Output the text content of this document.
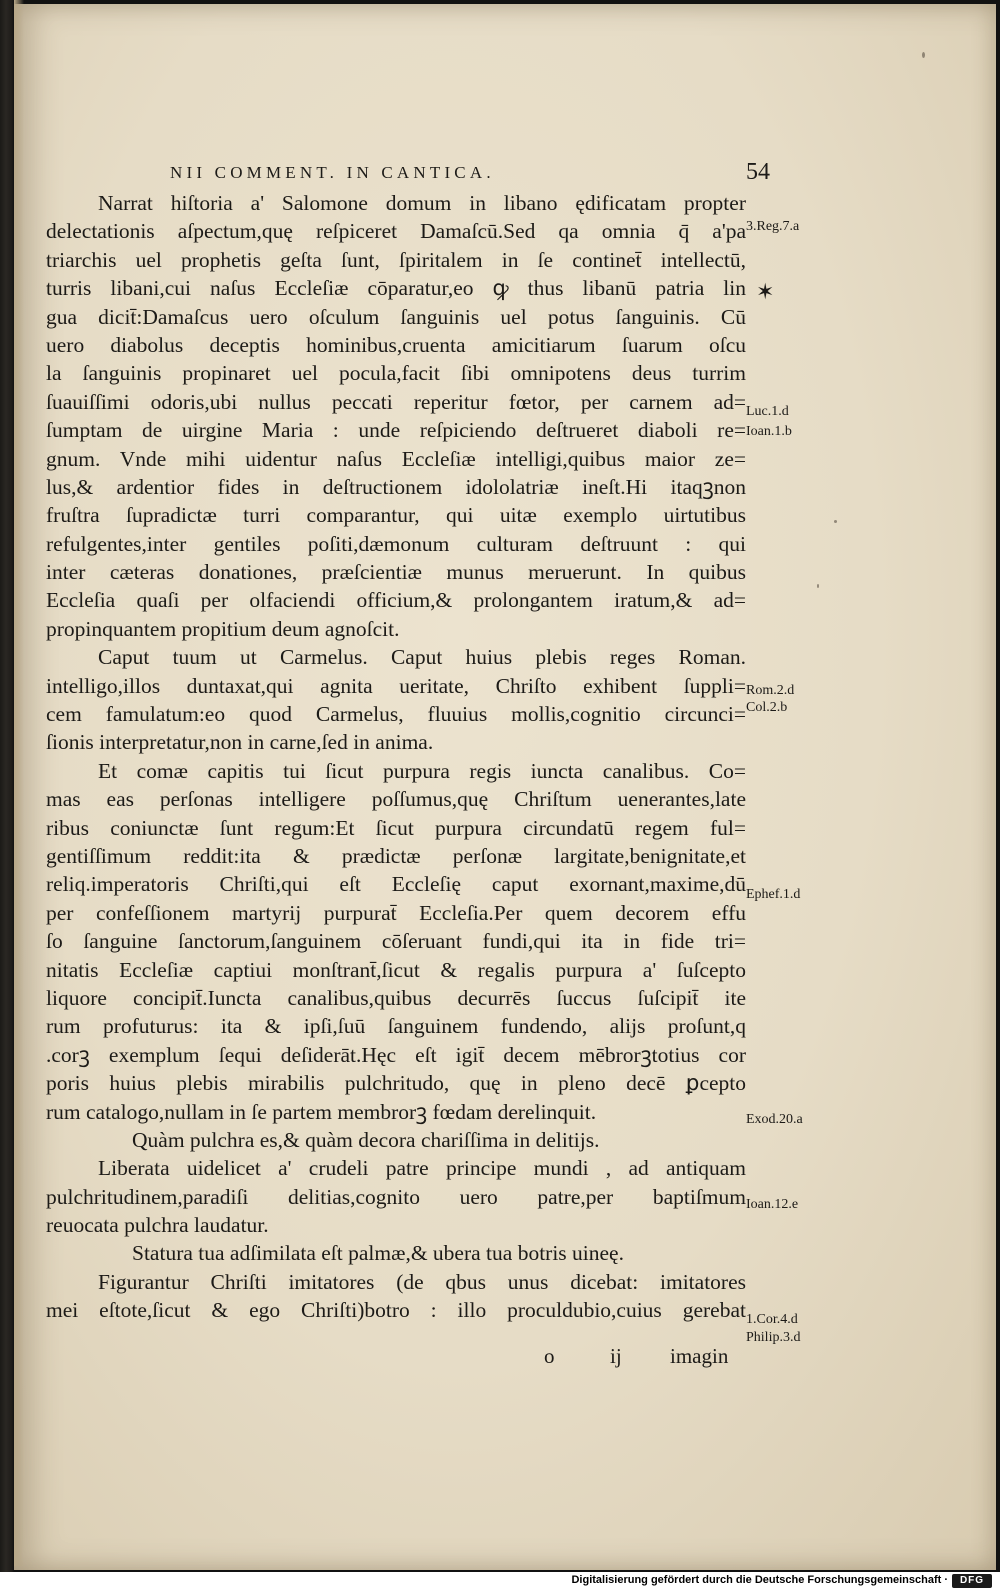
NII COMMENT. IN CANTICA.	54
Narrat hiſtoria a' Salomone domum in libano ędificatam propter
delectationis aſpectum,quę reſpiceret Damaſcū.Sed qa omnia q̄ a'pa
triarchis uel prophetis geſta ſunt, ſpiritalem in ſe continet̄ intellectū,
turris libani,cui naſus Eccleſiæ cōparatur,eo ꝙ thus libanū patria lin
gua dicit̄:Damaſcus uero oſculum ſanguinis uel potus ſanguinis. Cū
uero diabolus deceptis hominibus,cruenta amicitiarum ſuarum oſcu
la ſanguinis propinaret uel pocula,facit ſibi omnipotens deus turrim
ſuauiſſimi odoris,ubi nullus peccati reperitur fœtor, per carnem ad=
ſumptam de uirgine Maria : unde reſpiciendo deſtrueret diaboli re=
gnum. Vnde mihi uidentur naſus Eccleſiæ intelligi,quibus maior ze=
lus,& ardentior fides in deſtructionem idololatriæ ineſt.Hi itaqꝫnon
fruſtra ſupradictæ turri comparantur, qui uitæ exemplo uirtutibus
refulgentes,inter gentiles poſiti,dæmonum culturam deſtruunt : qui
inter cæteras donationes, præſcientiæ munus meruerunt. In quibus
Eccleſia quaſi per olfaciendi officium,& prolongantem iratum,& ad=
propinquantem propitium deum agnoſcit.
Caput tuum ut Carmelus. Caput huius plebis reges Roman.
intelligo,illos duntaxat,qui agnita ueritate, Chriſto exhibent ſuppli=
cem famulatum:eo quod Carmelus, fluuius mollis,cognitio circunci=
ſionis interpretatur,non in carne,ſed in anima.
Et comæ capitis tui ſicut purpura regis iuncta canalibus. Co=
mas eas perſonas intelligere poſſumus,quę Chriſtum uenerantes,late
ribus coniunctæ ſunt regum:Et ſicut purpura circundatū regem ful=
gentiſſimum reddit:ita & prædictæ perſonæ largitate,benignitate,et
reliq.imperatoris Chriſti,qui eſt Eccleſię caput exornant,maxime,dū
per confeſſionem martyrij purpurat̄ Eccleſia.Per quem decorem effu
ſo ſanguine ſanctorum,ſanguinem cōſeruant fundi,qui ita in fide tri=
nitatis Eccleſiæ captiui monſtrant̄,ſicut & regalis purpura a' ſuſcepto
liquore concipit̄.Iuncta canalibus,quibus decurrēs ſuccus ſuſcipit̄ ite
rum profuturus: ita & ipſi,ſuū ſanguinem fundendo, alijs proſunt,q
.corꝫ exemplum ſequi deſiderāt.Hęc eſt igit̄ decem mēbrorꝫtotius cor
poris huius plebis mirabilis pulchritudo, quę in pleno decē ꝑcepto
rum catalogo,nullam in ſe partem membrorꝫ fœdam derelinquit.
Quàm pulchra es,& quàm decora chariſſima in delitijs.
Liberata uidelicet a' crudeli patre principe mundi , ad antiquam
pulchritudinem,paradiſi delitias,cognito uero patre,per baptiſmum
reuocata pulchra laudatur.
Statura tua adſimilata eſt palmæ,& ubera tua botris uineę.
Figurantur Chriſti imitatores (de qbus unus dicebat: imitatores
mei eſtote,ſicut & ego Chriſti)botro : illo proculdubio,cuius gerebat
o	ij imagin
3.Reg.7.a
✶
Luc.1.d
Ioan.1.b
Rom.2.d
Col.2.b
Ephef.1.d
Exod.20.a
Ioan.12.e
1.Cor.4.d
Philip.3.d
Digitalisierung gefördert durch die Deutsche Forschungsgemeinschaft ·	DFG
